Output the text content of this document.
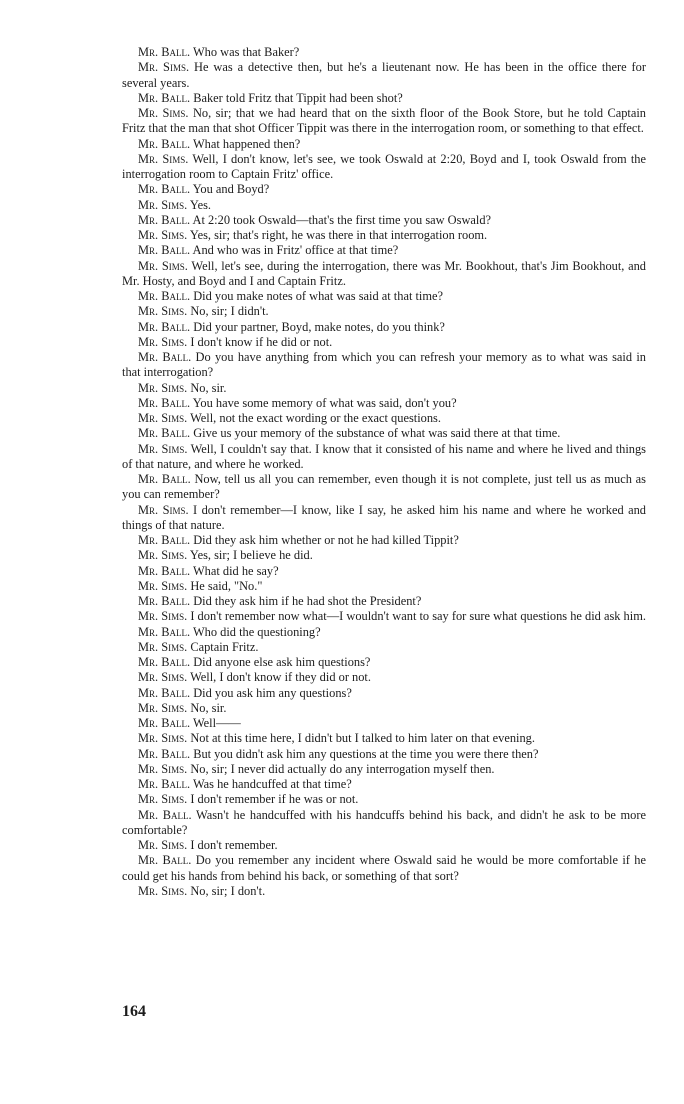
Mr. Ball. Who was that Baker?

Mr. Sims. He was a detective then, but he's a lieutenant now. He has been in the office there for several years.

Mr. Ball. Baker told Fritz that Tippit had been shot?

Mr. Sims. No, sir; that we had heard that on the sixth floor of the Book Store, but he told Captain Fritz that the man that shot Officer Tippit was there in the interrogation room, or something to that effect.

Mr. Ball. What happened then?

Mr. Sims. Well, I don't know, let's see, we took Oswald at 2:20, Boyd and I, took Oswald from the interrogation room to Captain Fritz' office.

Mr. Ball. You and Boyd?

Mr. Sims. Yes.

Mr. Ball. At 2:20 took Oswald—that's the first time you saw Oswald?

Mr. Sims. Yes, sir; that's right, he was there in that interrogation room.

Mr. Ball. And who was in Fritz' office at that time?

Mr. Sims. Well, let's see, during the interrogation, there was Mr. Bookhout, that's Jim Bookhout, and Mr. Hosty, and Boyd and I and Captain Fritz.

Mr. Ball. Did you make notes of what was said at that time?

Mr. Sims. No, sir; I didn't.

Mr. Ball. Did your partner, Boyd, make notes, do you think?

Mr. Sims. I don't know if he did or not.

Mr. Ball. Do you have anything from which you can refresh your memory as to what was said in that interrogation?

Mr. Sims. No, sir.

Mr. Ball. You have some memory of what was said, don't you?

Mr. Sims. Well, not the exact wording or the exact questions.

Mr. Ball. Give us your memory of the substance of what was said there at that time.

Mr. Sims. Well, I couldn't say that. I know that it consisted of his name and where he lived and things of that nature, and where he worked.

Mr. Ball. Now, tell us all you can remember, even though it is not complete, just tell us as much as you can remember?

Mr. Sims. I don't remember—I know, like I say, he asked him his name and where he worked and things of that nature.

Mr. Ball. Did they ask him whether or not he had killed Tippit?

Mr. Sims. Yes, sir; I believe he did.

Mr. Ball. What did he say?

Mr. Sims. He said, "No."

Mr. Ball. Did they ask him if he had shot the President?

Mr. Sims. I don't remember now what—I wouldn't want to say for sure what questions he did ask him.

Mr. Ball. Who did the questioning?

Mr. Sims. Captain Fritz.

Mr. Ball. Did anyone else ask him questions?

Mr. Sims. Well, I don't know if they did or not.

Mr. Ball. Did you ask him any questions?

Mr. Sims. No, sir.

Mr. Ball. Well——

Mr. Sims. Not at this time here, I didn't but I talked to him later on that evening.

Mr. Ball. But you didn't ask him any questions at the time you were there then?

Mr. Sims. No, sir; I never did actually do any interrogation myself then.

Mr. Ball. Was he handcuffed at that time?

Mr. Sims. I don't remember if he was or not.

Mr. Ball. Wasn't he handcuffed with his handcuffs behind his back, and didn't he ask to be more comfortable?

Mr. Sims. I don't remember.

Mr. Ball. Do you remember any incident where Oswald said he would be more comfortable if he could get his hands from behind his back, or something of that sort?

Mr. Sims. No, sir; I don't.

164
